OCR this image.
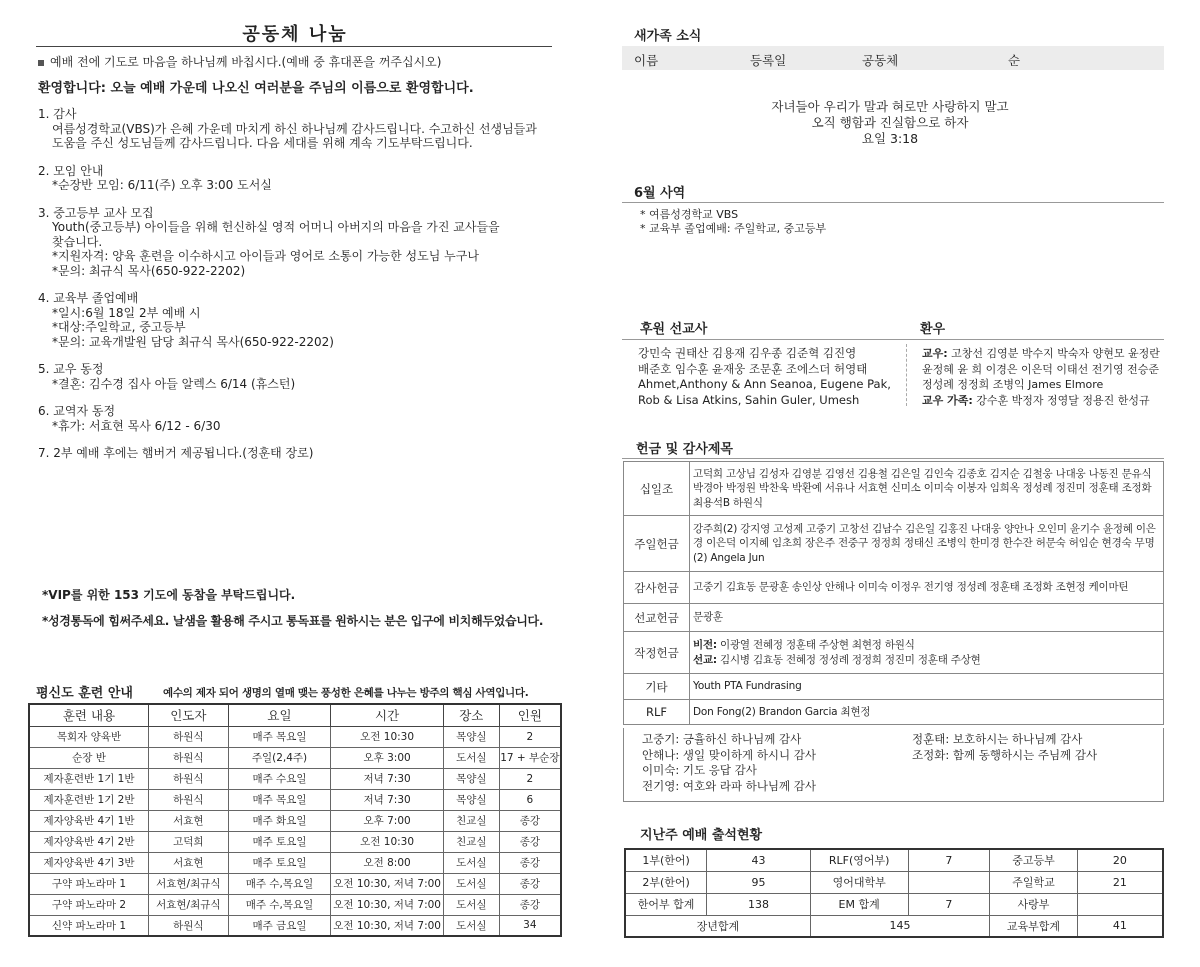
공동체 나눔
예배 전에 기도로 마음을 하나님께 바칩시다.(예배 중 휴대폰을 꺼주십시오)
환영합니다: 오늘 예배 가운데 나오신 여러분을 주님의 이름으로 환영합니다.
1. 감사
여름성경학교(VBS)가 은혜 가운데 마치게 하신 하나님께 감사드립니다. 수고하신 선생님들과
도움을 주신 성도님들께 감사드립니다. 다음 세대를 위해 계속 기도부탁드립니다.
2. 모임 안내
*순장반 모임: 6/11(주) 오후 3:00 도서실
3. 중고등부 교사 모집
Youth(중고등부) 아이들을 위해 헌신하실 영적 어머니 아버지의 마음을 가진 교사들을
찾습니다.
*지원자격: 양육 훈련을 이수하시고 아이들과 영어로 소통이 가능한 성도님 누구나
*문의: 최규식 목사(650-922-2202)
4. 교육부 졸업예배
*일시:6월 18일 2부 예배 시
*대상:주일학교, 중고등부
*문의: 교육개발원 담당 최규식 목사(650-922-2202)
5. 교우 동정
*결혼: 김수경 집사 아들 알렉스 6/14 (휴스턴)
6. 교역자 동정
*휴가: 서효현 목사 6/12 - 6/30
7. 2부 예배 후에는 햄버거 제공됩니다.(정훈태 장로)
*VIP를 위한 153 기도에 동참을 부탁드립니다.
*성경통독에 힘써주세요. 날샘을 활용해 주시고 통독표를 원하시는 분은 입구에 비치해두었습니다.
평신도 훈련 안내	예수의 제자 되어 생명의 열매 맺는 풍성한 은혜를 나누는 방주의 핵심 사역입니다.
훈련 내용	인도자	요일	시간	장소	인원
목회자 양육반	하원식	매주 목요일	오전 10:30	목양실	2
순장 반	하원식	주일(2,4주)	오후 3:00	도서실	17 + 부순장
제자훈련반 1기 1반	하원식	매주 수요일	저녁 7:30	목양실	2
제자훈련반 1기 2반	하원식	매주 목요일	저녁 7:30	목양실	6
제자양육반 4기 1반	서효현	매주 화요일	오후 7:00	친교실	종강
제자양육반 4기 2반	고덕희	매주 토요일	오전 10:30	친교실	종강
제자양육반 4기 3반	서효현	매주 토요일	오전 8:00	도서실	종강
구약 파노라마 1	서효현/최규식	매주 수,목요일	오전 10:30, 저녁 7:00	도서실	종강
구약 파노라마 2	서효현/최규식	매주 수,목요일	오전 10:30, 저녁 7:00	도서실	종강
신약 파노라마 1	하원식	매주 금요일	오전 10:30, 저녁 7:00	도서실	34
새가족 소식
이름	등록일	공동체	순
자녀들아 우리가 말과 혀로만 사랑하지 말고
오직 행함과 진실함으로 하자
요일 3:18
6월 사역
* 여름성경학교 VBS
* 교육부 졸업예배: 주일학교, 중고등부
후원 선교사	환우
강민숙 권태산 김용재 김우종 김준혁 김진영
배준호 임수훈 윤재웅 조문훈 조에스더 허영태
Ahmet,Anthony & Ann Seanoa, Eugene Pak,
Rob & Lisa Atkins, Sahin Guler, Umesh
교우: 고창선 김영분 박수지 박숙자 양현모 윤정란 윤정혜 윤 희 이경은 이은덕 이태선 전기영 전승준 정성례 정정희 조병익 James Elmore
교우 가족: 강수훈 박정자 정영달 정용진 한성규
헌금 및 감사제목
십일조	고덕희 고상님 김성자 김영분 김영선 김용철 김은일 김인숙 김종호 김지순 김철웅 나대웅 나동진 문유식 박경아 박정원 박찬욱 박환예 서유나 서효현 신미소 이미숙 이봉자 임희옥 정성례 정진미 정훈태 조정화 최용석B 하원식
주일헌금	강주희(2) 강지영 고성제 고중기 고창선 김남수 김은일 김홍진 나대웅 양안나 오인미 윤기수 윤정혜 이은경 이은덕 이지혜 임초희 장은주 전중구 정정희 정태신 조병익 한미경 한수잔 허문숙 허임순 현경숙 무명(2) Angela Jun
감사헌금	고중기 김효동 문광훈 송인상 안해나 이미숙 이정우 전기영 정성례 정훈태 조정화 조현정 케이마틴
선교헌금	문광훈
작정헌금	비전: 이광열 전혜정 정훈태 주상현 최현정 하원식
선교: 김시병 김효동 전혜정 정성례 정정희 정진미 정훈태 주상현
기타	Youth PTA Fundrasing
RLF	Don Fong(2) Brandon Garcia 최현정
고중기: 긍휼하신 하나님께 감사
안해나: 생일 맞이하게 하시니 감사
이미숙: 기도 응답 감사
전기영: 여호와 라파 하나님께 감사
정훈태: 보호하시는 하나님께 감사
조정화: 함께 동행하시는 주님께 감사
지난주 예배 출석현황
1부(한어)	43	RLF(영어부)	7	중고등부	20
2부(한어)	95	영어대학부		주일학교	21
한어부 합계	138	EM 합계	7	사랑부	
장년합계		145		교육부합계	41
